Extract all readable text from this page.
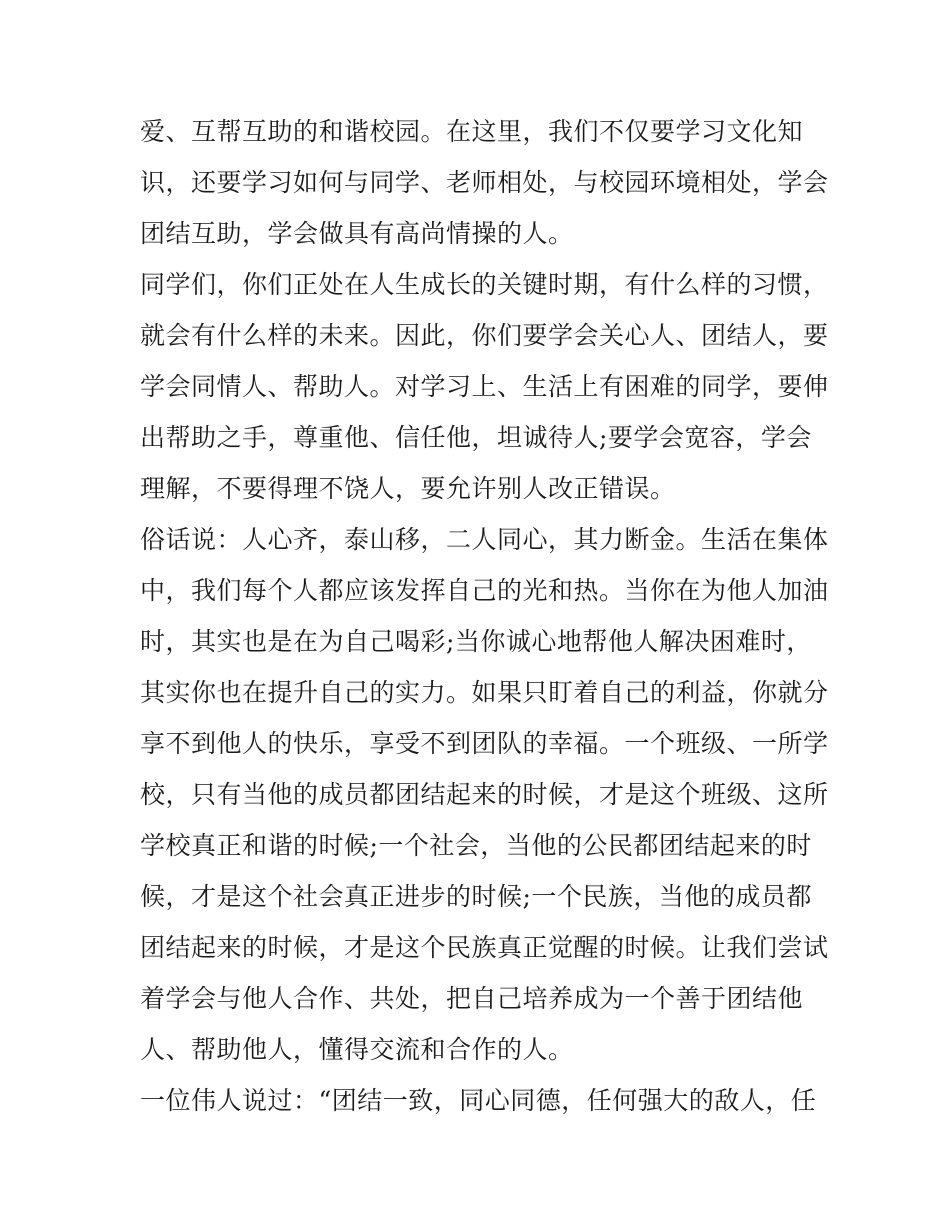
爱、互帮互助的和谐校园。在这里，我们不仅要学习文化知
识，还要学习如何与同学、老师相处，与校园环境相处，学会
团结互助，学会做具有高尚情操的人。
同学们，你们正处在人生成长的关键时期，有什么样的习惯，
就会有什么样的未来。因此，你们要学会关心人、团结人，要
学会同情人、帮助人。对学习上、生活上有困难的同学，要伸
出帮助之手，尊重他、信任他，坦诚待人;要学会宽容，学会
理解，不要得理不饶人，要允许别人改正错误。
俗话说：人心齐，泰山移，二人同心，其力断金。生活在集体
中，我们每个人都应该发挥自己的光和热。当你在为他人加油
时，其实也是在为自己喝彩;当你诚心地帮他人解决困难时，
其实你也在提升自己的实力。如果只盯着自己的利益，你就分
享不到他人的快乐，享受不到团队的幸福。一个班级、一所学
校，只有当他的成员都团结起来的时候，才是这个班级、这所
学校真正和谐的时候;一个社会，当他的公民都团结起来的时
候，才是这个社会真正进步的时候;一个民族，当他的成员都
团结起来的时候，才是这个民族真正觉醒的时候。让我们尝试
着学会与他人合作、共处，把自己培养成为一个善于团结他
人、帮助他人，懂得交流和合作的人。
一位伟人说过：“团结一致，同心同德，任何强大的敌人，任
